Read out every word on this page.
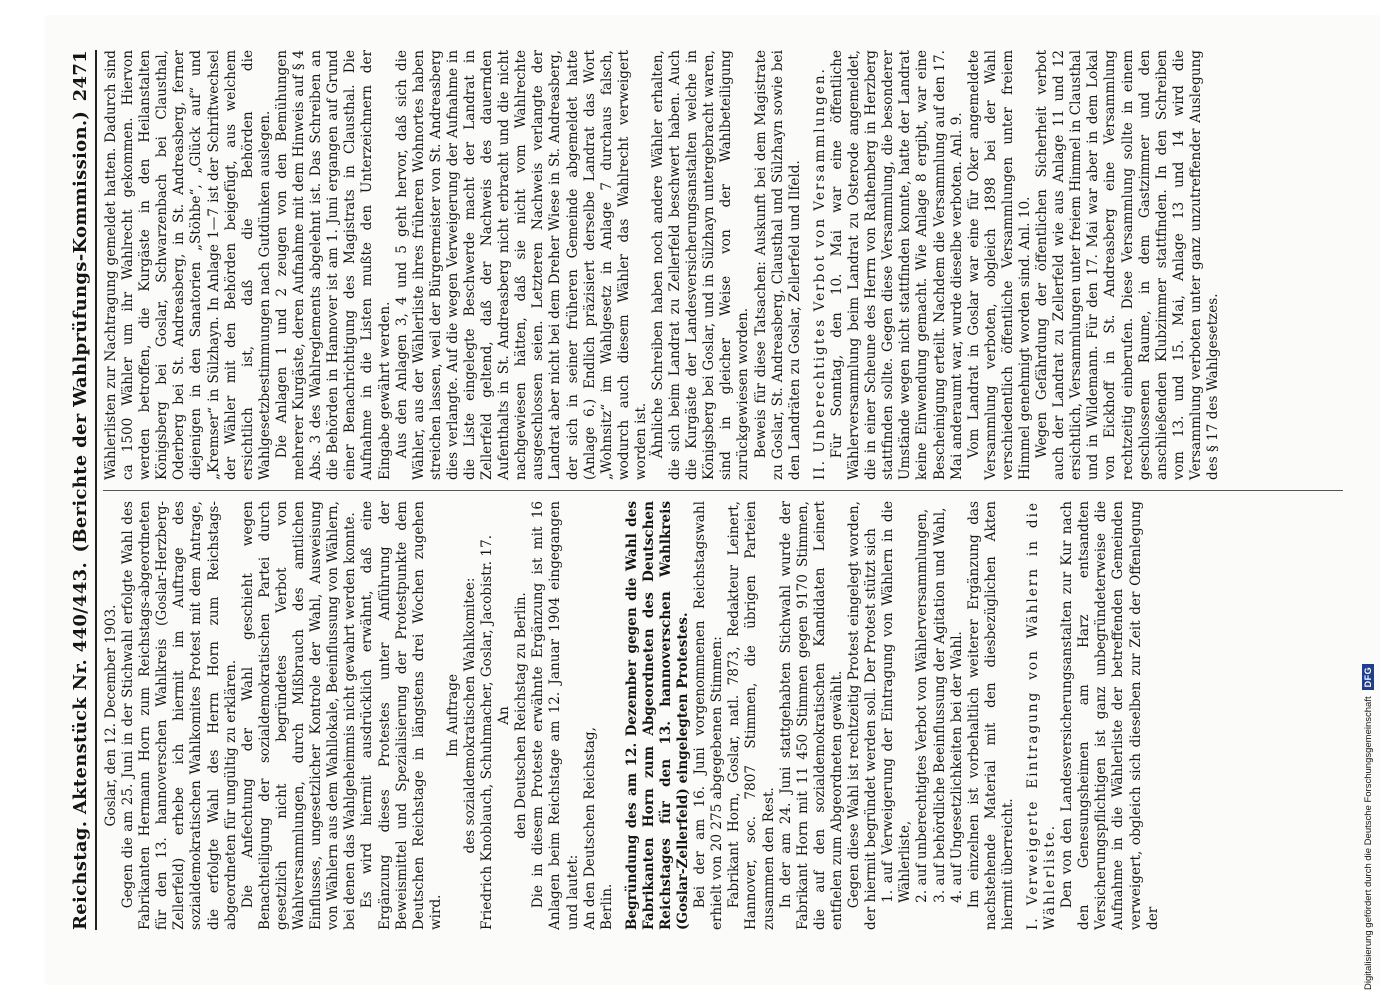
Reichstag. Aktenstück Nr. 440/443.
(Berichte der Wahlprüfungs-Kommission.)
2471

Goslar, den 12. December 1903. Gegen die am 25. Juni in der Stichwahl erfolgte Wahl des Fabrikanten Hermann Horn zum Reichstags-abgeordneten für den 13. hannoverschen Wahlkreis (Goslar-Herzberg-Zellerfeld) erhebe ich hiermit im Auftrage des sozialdemokratischen Wahlkomites Protest mit dem Antrage, die erfolgte Wahl des Herrn Horn zum Reichstags-abgeordneten für ungültig zu erklären. Die Anfechtung der Wahl geschieht wegen Benachteiligung der sozialdemokratischen Partei durch gesetzlich nicht begründetes Verbot von Wahlversammlungen, durch Mißbrauch des amtlichen Einflusses, ungesetzlicher Kontrole der Wahl, Ausweisung von Wählern aus dem Wahllokale, Beeinflussung von Wählern, bei denen das Wahlgeheimnis nicht gewahrt werden konnte. Es wird hiermit ausdrücklich erwähnt, daß eine Ergänzung dieses Protestes unter Anführung der Beweismittel und Spezialisierung der Protestpunkte dem Deutschen Reichstage in längstens drei Wochen zugehen wird.

Im Auftrage des sozialdemokratischen Wahlkomitee: Friedrich Knoblauch, Schuhmacher, Goslar, Jacobistr. 17. An den Deutschen Reichstag zu Berlin. Die in diesem Proteste erwähnte Ergänzung ist mit 16 Anlagen beim Reichstage am 12. Januar 1904 eingegangen und lautet: An den Deutschen Reichstag, Berlin. Begründung des am 12. Dezember gegen die Wahl des Fabrikanten Horn zum Abgeordneten des Deutschen Reichstages für den 13. hannoverschen Wahlkreis (Goslar-Zellerfeld) eingelegten Protestes. Bei der am 16. Juni vorgenommenen Reichstagswahl erhielt von 20 275 abgegebenen Stimmen: Fabrikant Horn, Goslar, natl. 7873, Redakteur Leinert, Hannover, soc. 7807 Stimmen, die übrigen Parteien zusammen den Rest. In der am 24. Juni stattgehabten Stichwahl wurde der Fabrikant Horn mit 11 450 Stimmen gegen 9170 Stimmen, die auf den sozialdemokratischen Kandidaten Leinert entfielen zum Abgeordneten gewählt. Gegen diese Wahl ist rechtzeitig Protest eingelegt worden, der hiermit begründet werden soll. Der Protest stützt sich 1. auf Verweigerung der Eintragung von Wählern in die Wählerliste, 2. auf unberechtigtes Verbot von Wählerversammlungen, 3. auf behördliche Beeinflussung der Agitation und Wahl, 4. auf Ungesetzlichkeiten bei der Wahl. Im einzelnen ist vorbehaltlich weiterer Ergänzung das nachstehende Material mit den diesbezüglichen Akten hiermit überreicht. I. Verweigerte Eintragung von Wählern in die Wählerliste. Den von den Landesversicherungsanstalten zur Kur nach den Genesungsheimen am Harz entsandten Versicherungspflichtigen ist ganz unbegründeterweise die Aufnahme in die Wählerliste der betreffenden Gemeinden verweigert, obgleich sich dieselben zur Zeit der Offenlegung der

Wählerlisten zur Nachtragung gemeldet hatten. Dadurch sind ca 1500 Wähler um ihr Wahlrecht gekommen. Hiervon werden betroffen, die Kurgäste in den Heilanstalten Königsberg bei Goslar, Schwarzenbach bei Clausthal, Oderberg bei St. Andreasberg, in St. Andreasberg, ferner diejenigen in den Sanatorien „Stöhbe“, „Glück auf“ und „Kremser“ in Sülzhayn. In Anlage 1—7 ist der Schriftwechsel der Wähler mit den Behörden beigefügt, aus welchem ersichtlich ist, daß die Behörden die Wahlgesetzbestimmungen nach Gutdünken auslegen. Die Anlagen 1 und 2 zeugen von den Bemühungen mehrerer Kurgäste, deren Aufnahme mit dem Hinweis auf § 4 Abs. 3 des Wahlreglements abgelehnt ist. Das Schreiben an die Behörden in Hannover ist am 1. Juni ergangen auf Grund einer Benachrichtigung des Magistrats in Clausthal. Die Aufnahme in die Listen mußte den Unterzeichnern der Eingabe gewährt werden. Aus den Anlagen 3, 4 und 5 geht hervor, daß sich die Wähler, aus der Wählerliste ihres früheren Wohnortes haben streichen lassen, weil der Bürgermeister von St. Andreasberg dies verlangte. Auf die wegen Verweigerung der Aufnahme in die Liste eingelegte Beschwerde macht der Landrat in Zellerfeld geltend, daß der Nachweis des dauernden Aufenthalts in St. Andreasberg nicht erbracht und die nicht nachgewiesen hätten, daß sie nicht vom Wahlrechte ausgeschlossen seien. Letzteren Nachweis verlangte der Landrat aber nicht bei dem Dreher Wiese in St. Andreasberg, der sich in seiner früheren Gemeinde abgemeldet hatte (Anlage 6.) Endlich präzisiert derselbe Landrat das Wort „Wohnsitz“ im Wahlgesetz in Anlage 7 durchaus falsch, wodurch auch diesem Wähler das Wahlrecht verweigert worden ist. Ähnliche Schreiben haben noch andere Wähler erhalten, die sich beim Landrat zu Zellerfeld beschwert haben. Auch die Kurgäste der Landesversicherungsanstalten welche in Königsberg bei Goslar, und in Sülzhayn untergebracht waren, sind in gleicher Weise von der Wahlbeteiligung zurückgewiesen worden. Beweis für diese Tatsachen: Auskunft bei dem Magistrate zu Goslar, St. Andreasberg, Clausthal und Sülzhayn sowie bei den Landräten zu Goslar, Zellerfeld und Ilfeld. II. Unberechtigtes Verbot von Versammlungen. Für Sonntag, den 10. Mai war eine öffentliche Wählerversammlung beim Landrat zu Osterode angemeldet, die in einer Scheune des Herrn von Rathenberg in Herzberg stattfinden sollte. Gegen diese Versammlung, die besonderer Umstände wegen nicht stattfinden konnte, hatte der Landrat keine Einwendung gemacht. Wie Anlage 8 ergibt, war eine Bescheinigung erteilt. Nachdem die Versammlung auf den 17. Mai anderaumt war, wurde dieselbe verboten. Anl. 9. Vom Landrat in Goslar war eine für Oker angemeldete Versammlung verboten, obgleich 1898 bei der Wahl verschiedentlich öffentliche Versammlungen unter freiem Himmel genehmigt worden sind. Anl. 10. Wegen Gefährdung der öffentlichen Sicherheit verbot auch der Landrat zu Zellerfeld wie aus Anlage 11 und 12 ersichtlich, Versammlungen unter freiem Himmel in Clausthal und in Wildemann. Für den 17. Mai war aber in dem Lokal von Eickhoff in St. Andreasberg eine Versammlung rechtzeitig einberufen. Diese Versammlung sollte in einem geschlossenen Raume, in dem Gastzimmer und den anschließenden Klubzimmer stattfinden. In den Schreiben vom 13. und 15. Mai, Anlage 13 und 14 wird die Versammlung verboten unter ganz unzutreffender Auslegung des § 17 des Wahlgesetzes.

Digitalisierung gefördert durch die Deutsche Forschungsgemeinschaft
DFG
